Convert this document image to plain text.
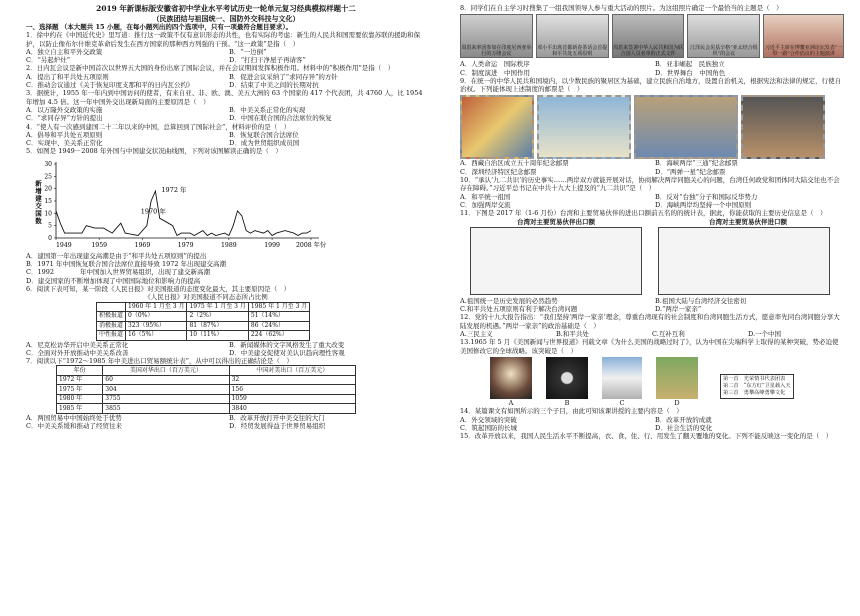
2019 年新课标版安徽省初中学业水平考试历史一轮单元复习经典模拟样题十二
（民族团结与祖国统一、国防外交科技与文化）
一、选择题 （本大题共 15 小题，在每小题列出的四个选项中，只有一项最符合题目要求）。

1．徐中约在《中国近代史》里写道：推行这一政策不仅有意识形态的共性，也有实际的考虑：新生的人民共和国需要依靠苏联的援助和保护，以防止像布尔什维克革命后发生在西方国家的那种西方列强的干预。“这一政策”是指（　）

A．独立自主和平外交政策	B．“一边倒”
C．“另起炉灶”	D．“打扫干净屋子再请客”

2．日内瓦会议是新中国首次以世界五大国的身份出席了国际会议，并在会议期间发挥积极作用。材料中的“积极作用”是指（　）

A．提出了和平共处五项原则	B．促进会议采纳了“求同存异”的方针
C．推动会议通过《关于恢复印度支那和平的日内瓦公约》	D．结束了中美之间的长期对抗

3．据统计，1955 年一年内到中国访问的使者，有来自亚、非、欧、澳、美五大洲的 63 个国家的 417 个代表团，共 4760 人，比 1954 年增加 4.5 倍。这一年中国外交出现新局面的主要原因是（　）

A．以万隆外交政策的实施	B．中美关系正常化的实现
C．“求同存异”方针的提出	D．中国在联合国的合法席位的恢复

4．“使人有一次感到建国二十二年以来的中国，总算回到了国际社会”，材料评价的是（　）

A．倡导和平共处五项原则	B．恢复联合国合法席位
C．实现中、美关系正常化	D．成为世贸组织成员国

5．如图是 1949－2008 年外国与中国建交状况曲线图，下列对该图解读正确的是（　）

新增建交国数
0
5
10
15
20
25
30
1949	1959	1969	1979	1989	1999	2008 年份
1972 年
1970 年
A．建国第一年出现建交高潮是由于“和平共处五项原则”的提出
B．1971 年中国恢复联合国合法席位直接导致 1972 年出现建交高潮
C．1992　　　　年中国加入世界贸易组织，出现了建交新高潮
D．建交国家的不断增加体现了中国国际地位和影响力的提高

6．阅读下表可知，某一阶段《人民日报》对美国报道的态度变化最大，其主要原因是（　）

《人民日报》对美国报道不同态态所占比例
	1960 年 1 月至 3 月	1975 年 1 月至 3 月	1985 年 1 月至 3 月
积极报道	0（0%）	2（2%）	51（14%）
消极报道	323（95%）	81（87%）	86（24%）
中性报道	16（5%）	10（11%）	224（62%）
A．尼克松访华开启中美关系正常化	B．新闻媒体的文字风格发生了重大改变
C．全面对外开放推动中美关系改善	D．中美建交促使对美认识趋向理性客观

7．阅读以下“1972～1985 年中美进出口贸易额统计表”，从中可以得出的正确结论是（　）

年份	美国对华出口（百万美元）	中国对美出口（百万美元）
1972 年	60	32
1975 年	304	156
1980 年	3755	1059
1985 年	3855	3840
A．两国贸易中中国始终处于优势	B．改革开放打开中美交往的大门
C．中美关系缓和推动了经贸往来	D．经贸发展得益于世界贸易组织

8．同学们在自主学习时搜集了一组我国领导人参与重大活动的照片。为这组照片确定一个最恰当的主题是（　）

周恩来率团参加在印度尼西亚举行的万隆会议
邓小平出席首都新春茶话会首提和平共处五项原则
周恩来签署中华人民共和国为联合国人员名单的正式文件
江泽民会见基辛格“亚太经合组织”的会议
习近平主席在博鳌亚洲论坛发表“一带一路”合作倡议的主题演讲
A．人类命运　国际秩序	B．亚非崛起　民族独立
C．制度演进　中国作用	D．世界舞台　中国角色

9．在统一的中华人民共和国境内，以少数民族的聚居区为基础，建立民族自治地方，设置自治机关，根据宪法和法律的规定，行使自治权。下列能体现上述制度的邮票是（　）

A．西藏自治区成立五十周年纪念邮票	B．海峡两岸“三通”纪念邮票
C．深圳经济特区纪念邮票	D．“两弹一星”纪念邮票

10．“承认‘九二共识’的历史事实……两岸双方就能开展对话，协商解决两岸同胞关心的问题，台湾任何政党和团体同大陆交往也不会存在障碍。”习近平总书记在中共十九大上提及的“九二共识”是（　）

A．和平统一祖国	B．反对“台独”分子和国际反华势力
C．加强两岸交流	D．海峡两岸均坚持一个中国原则

11．下图是 2017 年（1-6 月份）台湾和主要贸易伙伴的进出口额前五名的的统计表，据此，你能获取的主要历史信息是（　）

台湾对主要贸易伙伴出口额	台湾对主要贸易伙伴进口额
A.祖国统一是历史发展的必然趋势	B.祖国大陆与台湾经济交往密切
C.和平共处五项原则有利于解决台湾问题	D.“两岸一家亲”

12．党的十九大报告指出：“我们坚持‘两岸一家亲’理念，尊重台湾现有的社会制度和台湾同胞生活方式，愿意率先同台湾同胞分享大陆发展的机遇。”两岸一家亲”的政治基础是（　）

A.三民主义	B.和平共处	C.互补互利	D.一个中国

13.1965 年 5 月《美国新闻与世界报道》刊载文章《为什么美国的战略过时了》，认为中国在尖端科学上取得的某种突破，势必迫使美国修改它的全球战略。该突破是（　）

A	B	C	D
第一首　光荣情书代表团表
第二首　“东方红”卫星载入天
第三首　勇攀高峰勇攀文化

14．某篇课文有如图所示的三个子目，由此可知该课讲授的主要内容是（　）

A．外交领域的突破	B．改革开放的成就
C．筑起国防的长城	D．社会生活的变化

15．改革开放以来，我国人民生活水平不断提高，衣、食、住、行、用发生了翻天覆地的变化。下列不能反映这一变化的是（　）
